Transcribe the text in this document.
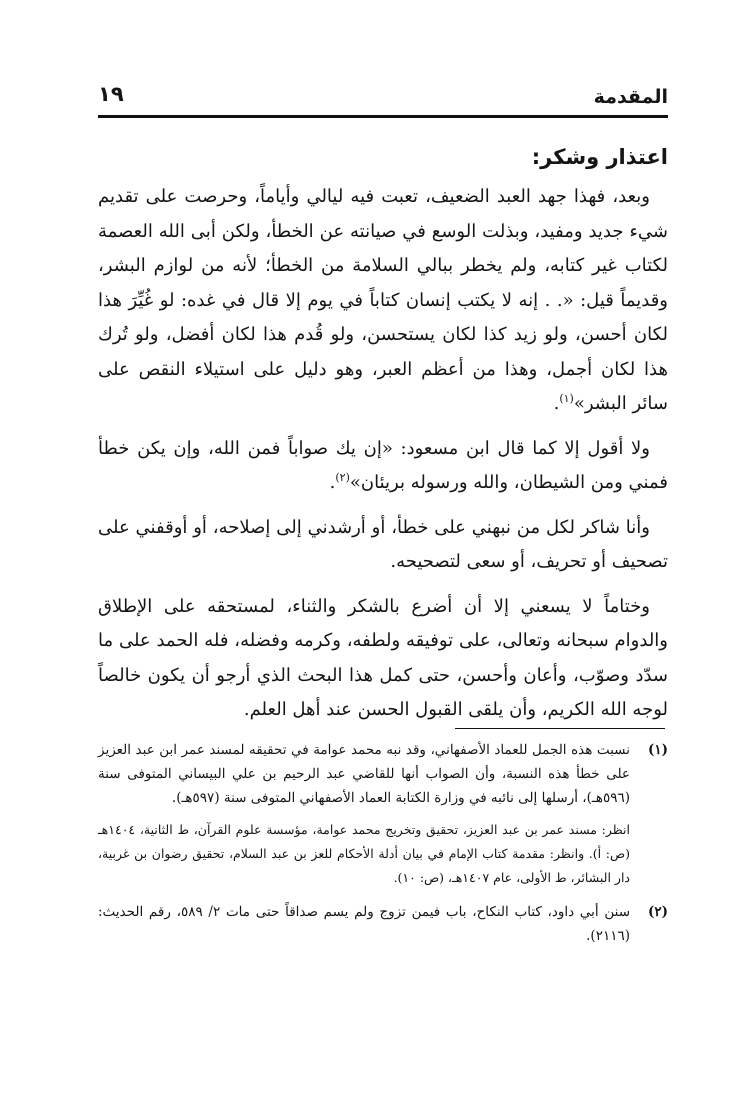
المقدمة
١٩
اعتذار وشكر:

وبعد، فهذا جهد العبد الضعيف، تعبت فيه ليالي وأياماً، وحرصت على تقديم شيء جديد ومفيد، وبذلت الوسع في صيانته عن الخطأ، ولكن أبى الله العصمة لكتاب غير كتابه، ولم يخطر ببالي السلامة من الخطأ؛ لأنه من لوازم البشر، وقديماً قيل: «. . إنه لا يكتب إنسان كتاباً في يوم إلا قال في غده: لو غُيِّرَ هذا لكان أحسن، ولو زيد كذا لكان يستحسن، ولو قُدم هذا لكان أفضل، ولو تُرك هذا لكان أجمل، وهذا من أعظم العبر، وهو دليل على استيلاء النقص على سائر البشر»$^{(١)}$.

ولا أقول إلا كما قال ابن مسعود: «إن يك صواباً فمن الله، وإن يكن خطأ فمني ومن الشيطان، والله ورسوله بريئان»$^{(٢)}$.

وأنا شاكر لكل من نبهني على خطأ، أو أرشدني إلى إصلاحه، أو أوقفني على تصحيف أو تحريف، أو سعى لتصحيحه.

وختاماً لا يسعني إلا أن أضرع بالشكر والثناء، لمستحقه على الإطلاق والدوام سبحانه وتعالى، على توفيقه ولطفه، وكرمه وفضله، فله الحمد على ما سدّد وصوّب، وأعان وأحسن، حتى كمل هذا البحث الذي أرجو أن يكون خالصاً لوجه الله الكريم، وأن يلقى القبول الحسن عند أهل العلم.

(١)

نسبت هذه الجمل للعماد الأصفهاني، وقد نبه محمد عوامة في تحقيقه لمسند عمر ابن عبد العزيز على خطأ هذه النسبة، وأن الصواب أنها للقاضي عبد الرحيم بن علي البيساني المتوفى سنة (٥٩٦هـ)، أرسلها إلى نائبه في وزارة الكتابة العماد الأصفهاني المتوفى سنة (٥٩٧هـ).

انظر: مسند عمر بن عبد العزيز، تحقيق وتخريج محمد عوامة، مؤسسة علوم القرآن، ط الثانية، ١٤٠٤هـ (ص: أ). وانظر: مقدمة كتاب الإمام في بيان أدلة الأحكام للعز بن عبد السلام، تحقيق رضوان بن غربية، دار البشائر، ط الأولى، عام ١٤٠٧هـ، (ص: ١٠).

(٢)

سنن أبي داود، كتاب النكاح، باب فيمن تزوج ولم يسم صداقاً حتى مات ٢/ ٥٨٩، رقم الحديث: (٢١١٦).
